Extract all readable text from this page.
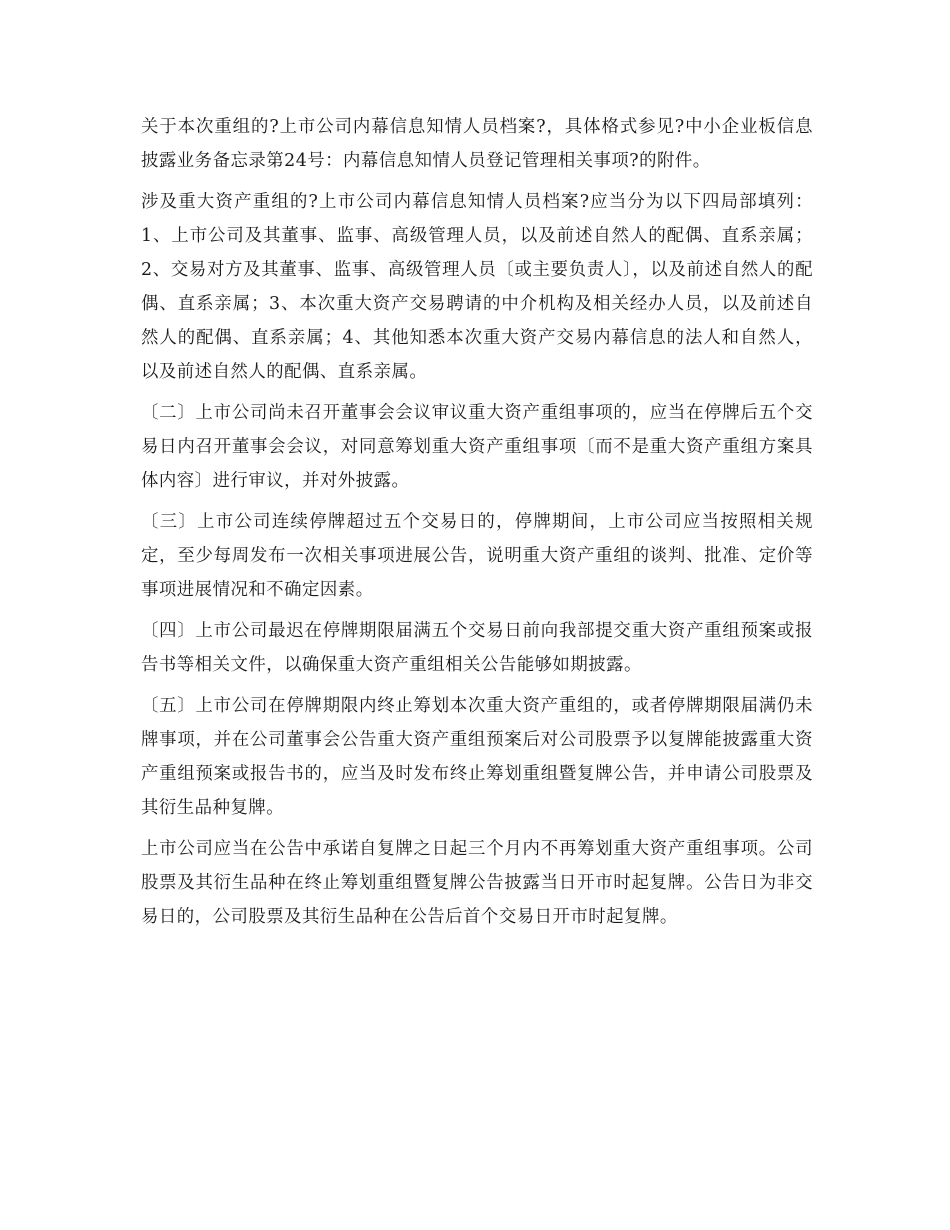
关于本次重组的?上市公司内幕信息知情人员档案?，具体格式参见?中小企业板信息披露业务备忘录第24号：内幕信息知情人员登记管理相关事项?的附件。

涉及重大资产重组的?上市公司内幕信息知情人员档案?应当分为以下四局部填列：1、上市公司及其董事、监事、高级管理人员，以及前述自然人的配偶、直系亲属；2、交易对方及其董事、监事、高级管理人员〔或主要负责人〕，以及前述自然人的配偶、直系亲属；3、本次重大资产交易聘请的中介机构及相关经办人员，以及前述自然人的配偶、直系亲属；4、其他知悉本次重大资产交易内幕信息的法人和自然人，以及前述自然人的配偶、直系亲属。

〔二〕上市公司尚未召开董事会会议审议重大资产重组事项的，应当在停牌后五个交易日内召开董事会会议，对同意筹划重大资产重组事项〔而不是重大资产重组方案具体内容〕进行审议，并对外披露。

〔三〕上市公司连续停牌超过五个交易日的，停牌期间，上市公司应当按照相关规定，至少每周发布一次相关事项进展公告，说明重大资产重组的谈判、批准、定价等事项进展情况和不确定因素。

〔四〕上市公司最迟在停牌期限届满五个交易日前向我部提交重大资产重组预案或报告书等相关文件，以确保重大资产重组相关公告能够如期披露。

〔五〕上市公司在停牌期限内终止筹划本次重大资产重组的，或者停牌期限届满仍未牌事项，并在公司董事会公告重大资产重组预案后对公司股票予以复牌能披露重大资产重组预案或报告书的，应当及时发布终止筹划重组暨复牌公告，并申请公司股票及其衍生品种复牌。

上市公司应当在公告中承诺自复牌之日起三个月内不再筹划重大资产重组事项。公司股票及其衍生品种在终止筹划重组暨复牌公告披露当日开市时起复牌。公告日为非交易日的，公司股票及其衍生品种在公告后首个交易日开市时起复牌。
